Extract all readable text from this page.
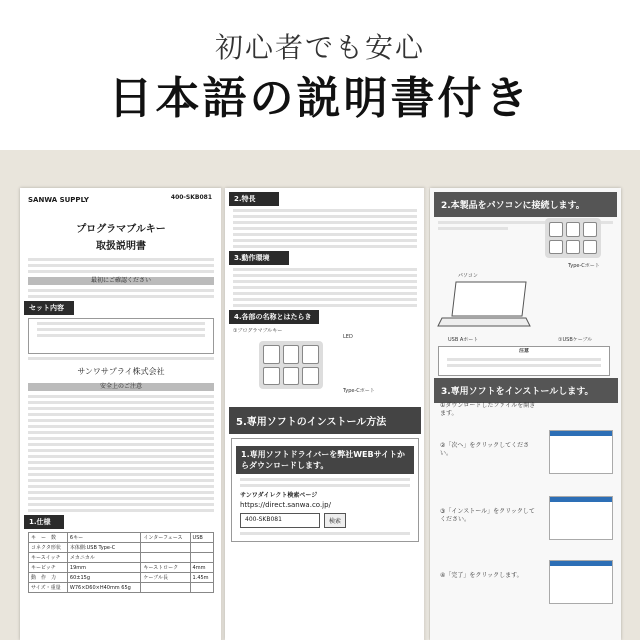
初心者でも安心
日本語の説明書付き
SANWA SUPPLY	400-SKB081
プログラマブルキー
取扱説明書
最初にご確認ください
セット内容
サンワサプライ株式会社
安全上のご注意
1.仕様
キ　ー　数	6キー	インターフェース	USB
コネクタ形状	本体側:USB Type-C		
キースイッチ	メカニカル		
キーピッチ	19mm	キーストローク	4mm
動　作　力	60±15g	ケーブル長	1.45m
サイズ・重量	W76×D60×H40mm 65g		
2.特長
3.動作環境
4.各部の名称とはたらき
①プログラマブルキー
LED
Type-Cポート
5.専用ソフトのインストール方法
1.専用ソフトドライバーを弊社WEBサイトからダウンロードします。
サンワダイレクト検索ページ
https://direct.sanwa.co.jp/
400-SKB081	検索
2.本製品をパソコンに接続します。
パソコン
Type-Cポート
USB Aポート	①USBケーブル
注意
3.専用ソフトをインストールします。
①ダウンロードしたファイルを開きます。
②「次へ」をクリックしてください。
③「インストール」をクリックしてください。
④「完了」をクリックします。
